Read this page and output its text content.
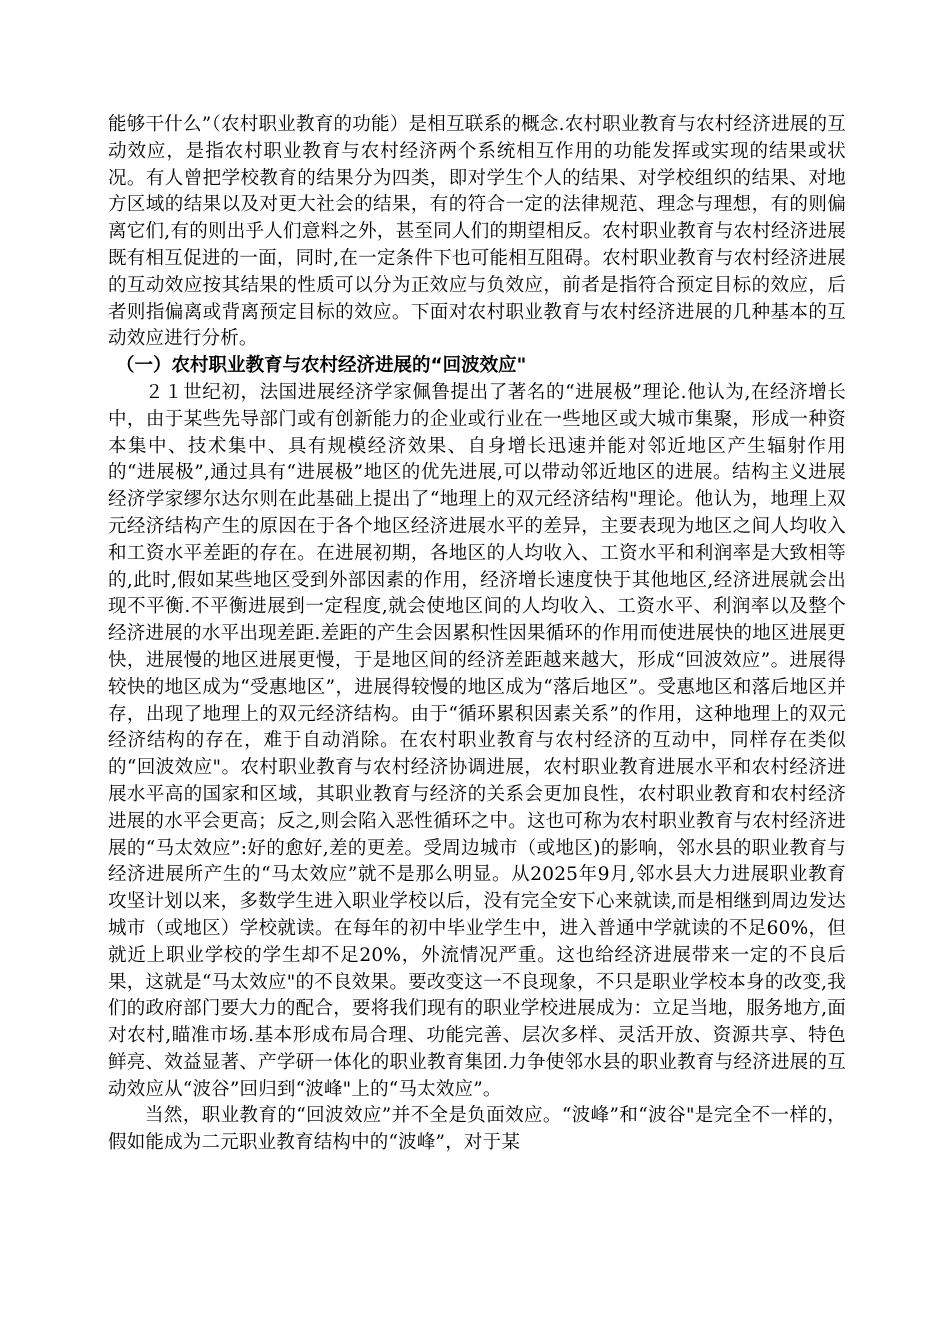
能够干什么”（农村职业教育的功能）是相互联系的概念.农村职业教育与农村经济进展的互动效应，是指农村职业教育与农村经济两个系统相互作用的功能发挥或实现的结果或状况。有人曾把学校教育的结果分为四类，即对学生个人的结果、对学校组织的结果、对地方区域的结果以及对更大社会的结果，有的符合一定的法律规范、理念与理想，有的则偏离它们,有的则出乎人们意料之外，甚至同人们的期望相反。农村职业教育与农村经济进展既有相互促进的一面，同时,在一定条件下也可能相互阻碍。农村职业教育与农村经济进展的互动效应按其结果的性质可以分为正效应与负效应，前者是指符合预定目标的效应，后者则指偏离或背离预定目标的效应。下面对农村职业教育与农村经济进展的几种基本的互动效应进行分析。

（一）农村职业教育与农村经济进展的“回波效应"

２１世纪初，法国进展经济学家佩鲁提出了著名的“进展极”理论.他认为,在经济增长中，由于某些先导部门或有创新能力的企业或行业在一些地区或大城市集聚，形成一种资本集中、技术集中、具有规模经济效果、自身增长迅速并能对邻近地区产生辐射作用的“进展极”,通过具有“进展极”地区的优先进展,可以带动邻近地区的进展。结构主义进展经济学家缪尔达尔则在此基础上提出了“地理上的双元经济结构"理论。他认为，地理上双元经济结构产生的原因在于各个地区经济进展水平的差异，主要表现为地区之间人均收入和工资水平差距的存在。在进展初期，各地区的人均收入、工资水平和利润率是大致相等的,此时,假如某些地区受到外部因素的作用，经济增长速度快于其他地区,经济进展就会出现不平衡.不平衡进展到一定程度,就会使地区间的人均收入、工资水平、利润率以及整个经济进展的水平出现差距.差距的产生会因累积性因果循环的作用而使进展快的地区进展更快，进展慢的地区进展更慢，于是地区间的经济差距越来越大，形成“回波效应”。进展得较快的地区成为“受惠地区”，进展得较慢的地区成为“落后地区”。受惠地区和落后地区并存，出现了地理上的双元经济结构。由于“循环累积因素关系”的作用，这种地理上的双元经济结构的存在，难于自动消除。在农村职业教育与农村经济的互动中，同样存在类似的“回波效应"。农村职业教育与农村经济协调进展，农村职业教育进展水平和农村经济进展水平高的国家和区域，其职业教育与经济的关系会更加良性，农村职业教育和农村经济进展的水平会更高；反之,则会陷入恶性循环之中。这也可称为农村职业教育与农村经济进展的“马太效应”:好的愈好,差的更差。受周边城市（或地区)的影响，邻水县的职业教育与经济进展所产生的“马太效应”就不是那么明显。从2025年9月,邻水县大力进展职业教育攻坚计划以来，多数学生进入职业学校以后，没有完全安下心来就读,而是相继到周边发达城市（或地区）学校就读。在每年的初中毕业学生中，进入普通中学就读的不足60%，但就近上职业学校的学生却不足20%，外流情况严重。这也给经济进展带来一定的不良后果，这就是“马太效应"的不良效果。要改变这一不良现象，不只是职业学校本身的改变,我们的政府部门要大力的配合，要将我们现有的职业学校进展成为：立足当地，服务地方,面对农村,瞄准市场.基本形成布局合理、功能完善、层次多样、灵活开放、资源共享、特色鲜亮、效益显著、产学研一体化的职业教育集团.力争使邻水县的职业教育与经济进展的互动效应从“波谷”回归到“波峰"上的“马太效应”。

当然，职业教育的“回波效应”并不全是负面效应。“波峰”和“波谷"是完全不一样的，假如能成为二元职业教育结构中的“波峰”，对于某
